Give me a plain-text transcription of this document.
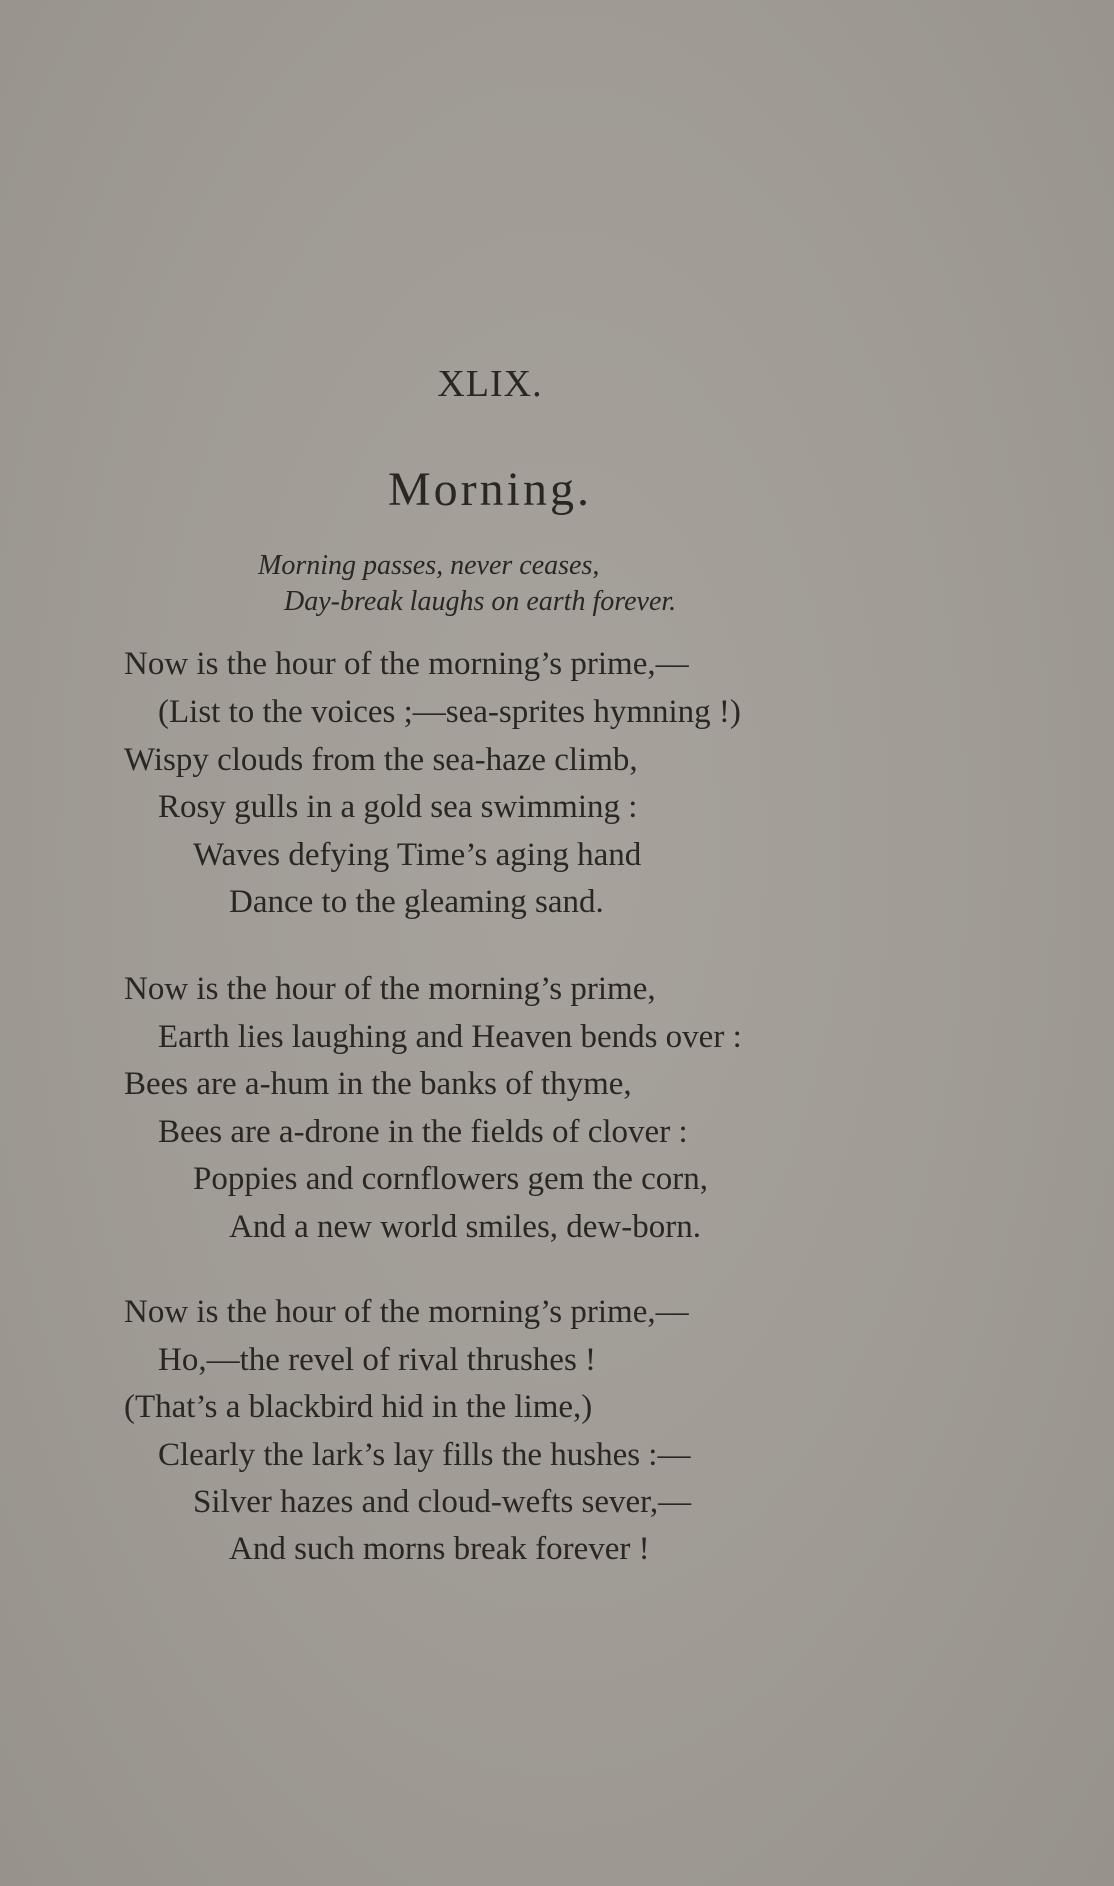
XLIX.
Morning.
Morning passes, never ceases,
Day-break laughs on earth forever.
Now is the hour of the morning’s prime,—
(List to the voices ;—sea-sprites hymning !)
Wispy clouds from the sea-haze climb,
Rosy gulls in a gold sea swimming :
Waves defying Time’s aging hand
Dance to the gleaming sand.
Now is the hour of the morning’s prime,
Earth lies laughing and Heaven bends over :
Bees are a-hum in the banks of thyme,
Bees are a-drone in the fields of clover :
Poppies and cornflowers gem the corn,
And a new world smiles, dew-born.
Now is the hour of the morning’s prime,—
Ho,—the revel of rival thrushes !
(That’s a blackbird hid in the lime,)
Clearly the lark’s lay fills the hushes :—
Silver hazes and cloud-wefts sever,—
And such morns break forever !
